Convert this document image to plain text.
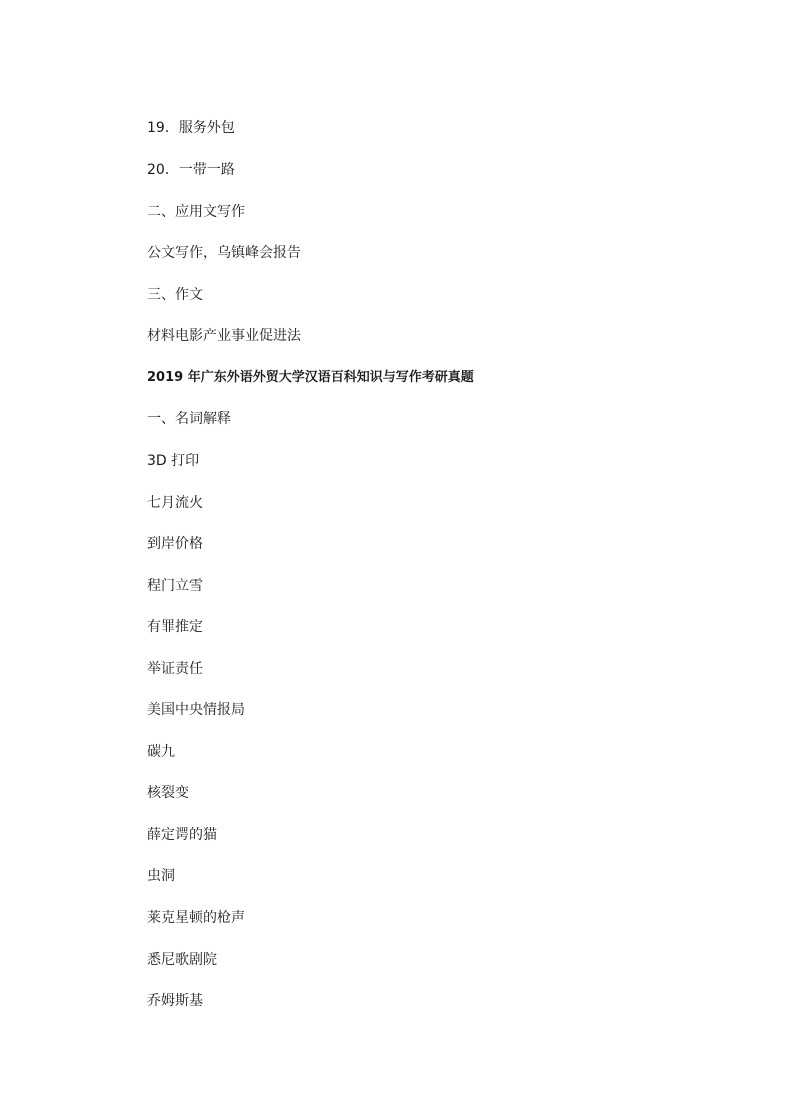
19．服务外包
20．一带一路
二、应用文写作
公文写作，乌镇峰会报告
三、作文
材料电影产业事业促进法
2019 年广东外语外贸大学汉语百科知识与写作考研真题
一、名词解释
3D 打印
七月流火
到岸价格
程门立雪
有罪推定
举证责任
美国中央情报局
碳九
核裂变
薛定谔的猫
虫洞
莱克星顿的枪声
悉尼歌剧院
乔姆斯基
